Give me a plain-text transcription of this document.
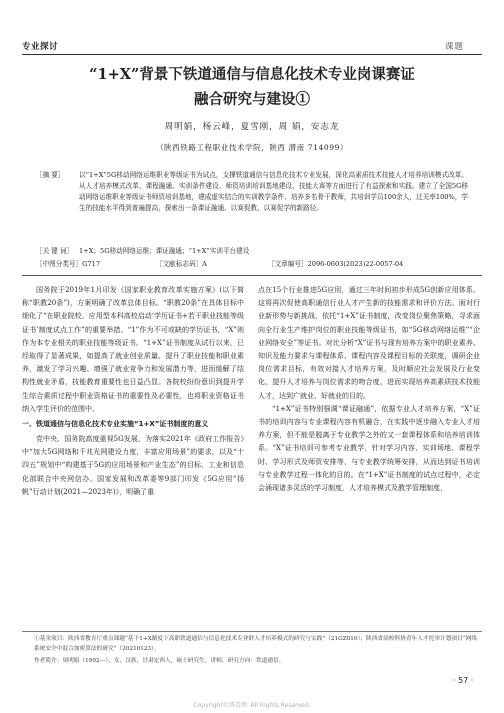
专业探讨	课题
“1+X”背景下铁道通信与信息化技术专业岗课赛证
融合研究与建设①
周明娟，杨云峰，夏雪刚，周 娟，安志龙
（陕西铁路工程职业技术学院，陕西 渭南 714099）
［摘 要］	以“1+X”5G移动网络运维职业等级证书为试点，支撑铁道通信与信息化技术专业发展，深化高素质技术技能人才培养培训模式改革。从人才培养模式改革、课程融通、实训条件建设、师资培训培训基地建设、技能大赛等方面进行了有益探索和实践。建立了全国5G移动网络运维职业等级证书师资培训基地，建成虚实结合的实训教学条件、培养多名骨干教师，共培训学员100余人，过关率100%，学生的技能水平得到普遍提高，探索出一条课证融通、以赛促教、以赛促学的新路径。
［关 键 词］ 1+X；5G移动网络运维；课证融通；“1+X”实训平台建设
［中图分类号］G717	［文献标志码］A	［文章编号］2096-0603(2023)22-0057-04

国务院于2019年1月印发《国家职业教育改革实施方案》(以下简称“职教20条”)，方案明确了改革总体目标。“职教20条”在具体目标中细化了“在职业院校、应用型本科高校启动‘学历证书+若干职业技能等级证书’制度试点工作”的重要举措。“1”作为不可或缺的学历证书，“X”则作为本专业相关的职业技能等级证书。“1+X”证书制度从试行以来，已经取得了显著成果，如提高了就业创业质量、提升了职业技能和职业素养，激发了学习兴趣、增强了就业竞争力和发展潜力等，进而缓解了结构性就业矛盾，技能教育重要性也日益凸显。各院校纷纷意识到提升学生综合素质过程中职业资格证书的重要性及必要性，也将职业资格证书纳入学生评价的范围中。

一、铁道通信与信息化技术专业实施“1+X”证书制度的意义

党中央、国务院高度重视5G发展，为落实2021年《政府工作报告》中“加大5G网络和千兆光网建设力度，丰富应用场景”的要求，以及“十四五”规划中“构建基于5G的应用场景和产业生态”的目标，工业和信息化部联合中央网信办、国家发展和改革委等9部门印发《5G应用“扬帆”行动计划(2021—2023年)》，明确了重

点在15个行业推进5G应用，通过三年时间初步形成5G创新应用体系。这将再次促使高职通信行业人才产生新的技能需求和评价方法。面对行业新形势与新挑战，依托“1+X”证书制度，改变岗位聚焦策略，寻求面向全行业生产维护岗位的职业技能等级证书，如“5G移动网络运维”“企业网络安全”等证书。对比分析“X”证书与现有培养方案中的职业素养、知识及能力要求与课程体系、课程内容及课程目标的关联度，调研企业岗位需求目标，有效对接人才培养方案，及时顺应社会发展及行业变化，提升人才培养与岗位需求的吻合度，进而实现培养高素质技术技能人才，达到广就业、好就业的目的。

“1+X”证书特别强调“课证融通”，依据专业人才培养方案，“X”证书的培训内容与专业课程内容有机融合，在实践中逐步融入专业人才培养方案，但不能是脱离于专业教学之外的又一套课程体系和培养培训体系。“X”证书培训可参考专业教学，针对学习内容、实训场地、课程学时、学习形式及师资安排等，与专业教学统筹安排，从而达到证书培训与专业教学过程一体化的目的。在“1+X”证书制度的试点过程中，必定会涌现诸多灵活的学习制度，人才培养模式及教学管理制度，

①基金项目：陕西省教育厅重点课题“基于1+X制度下高职铁道通信与信息化技术专业群人才培养模式的研究与实践”（21GZ010）；陕西省高校科协青年人才托举计划项目“网络系统安全中混合加密算法的研究”（20210123）。
作者简介：周明娟（1992—），女，汉族，甘肃定西人，硕士研究生，讲师，研究方向：铁道通信。
· 57 ·
Copyright©博看网. All Rights Reserved.
